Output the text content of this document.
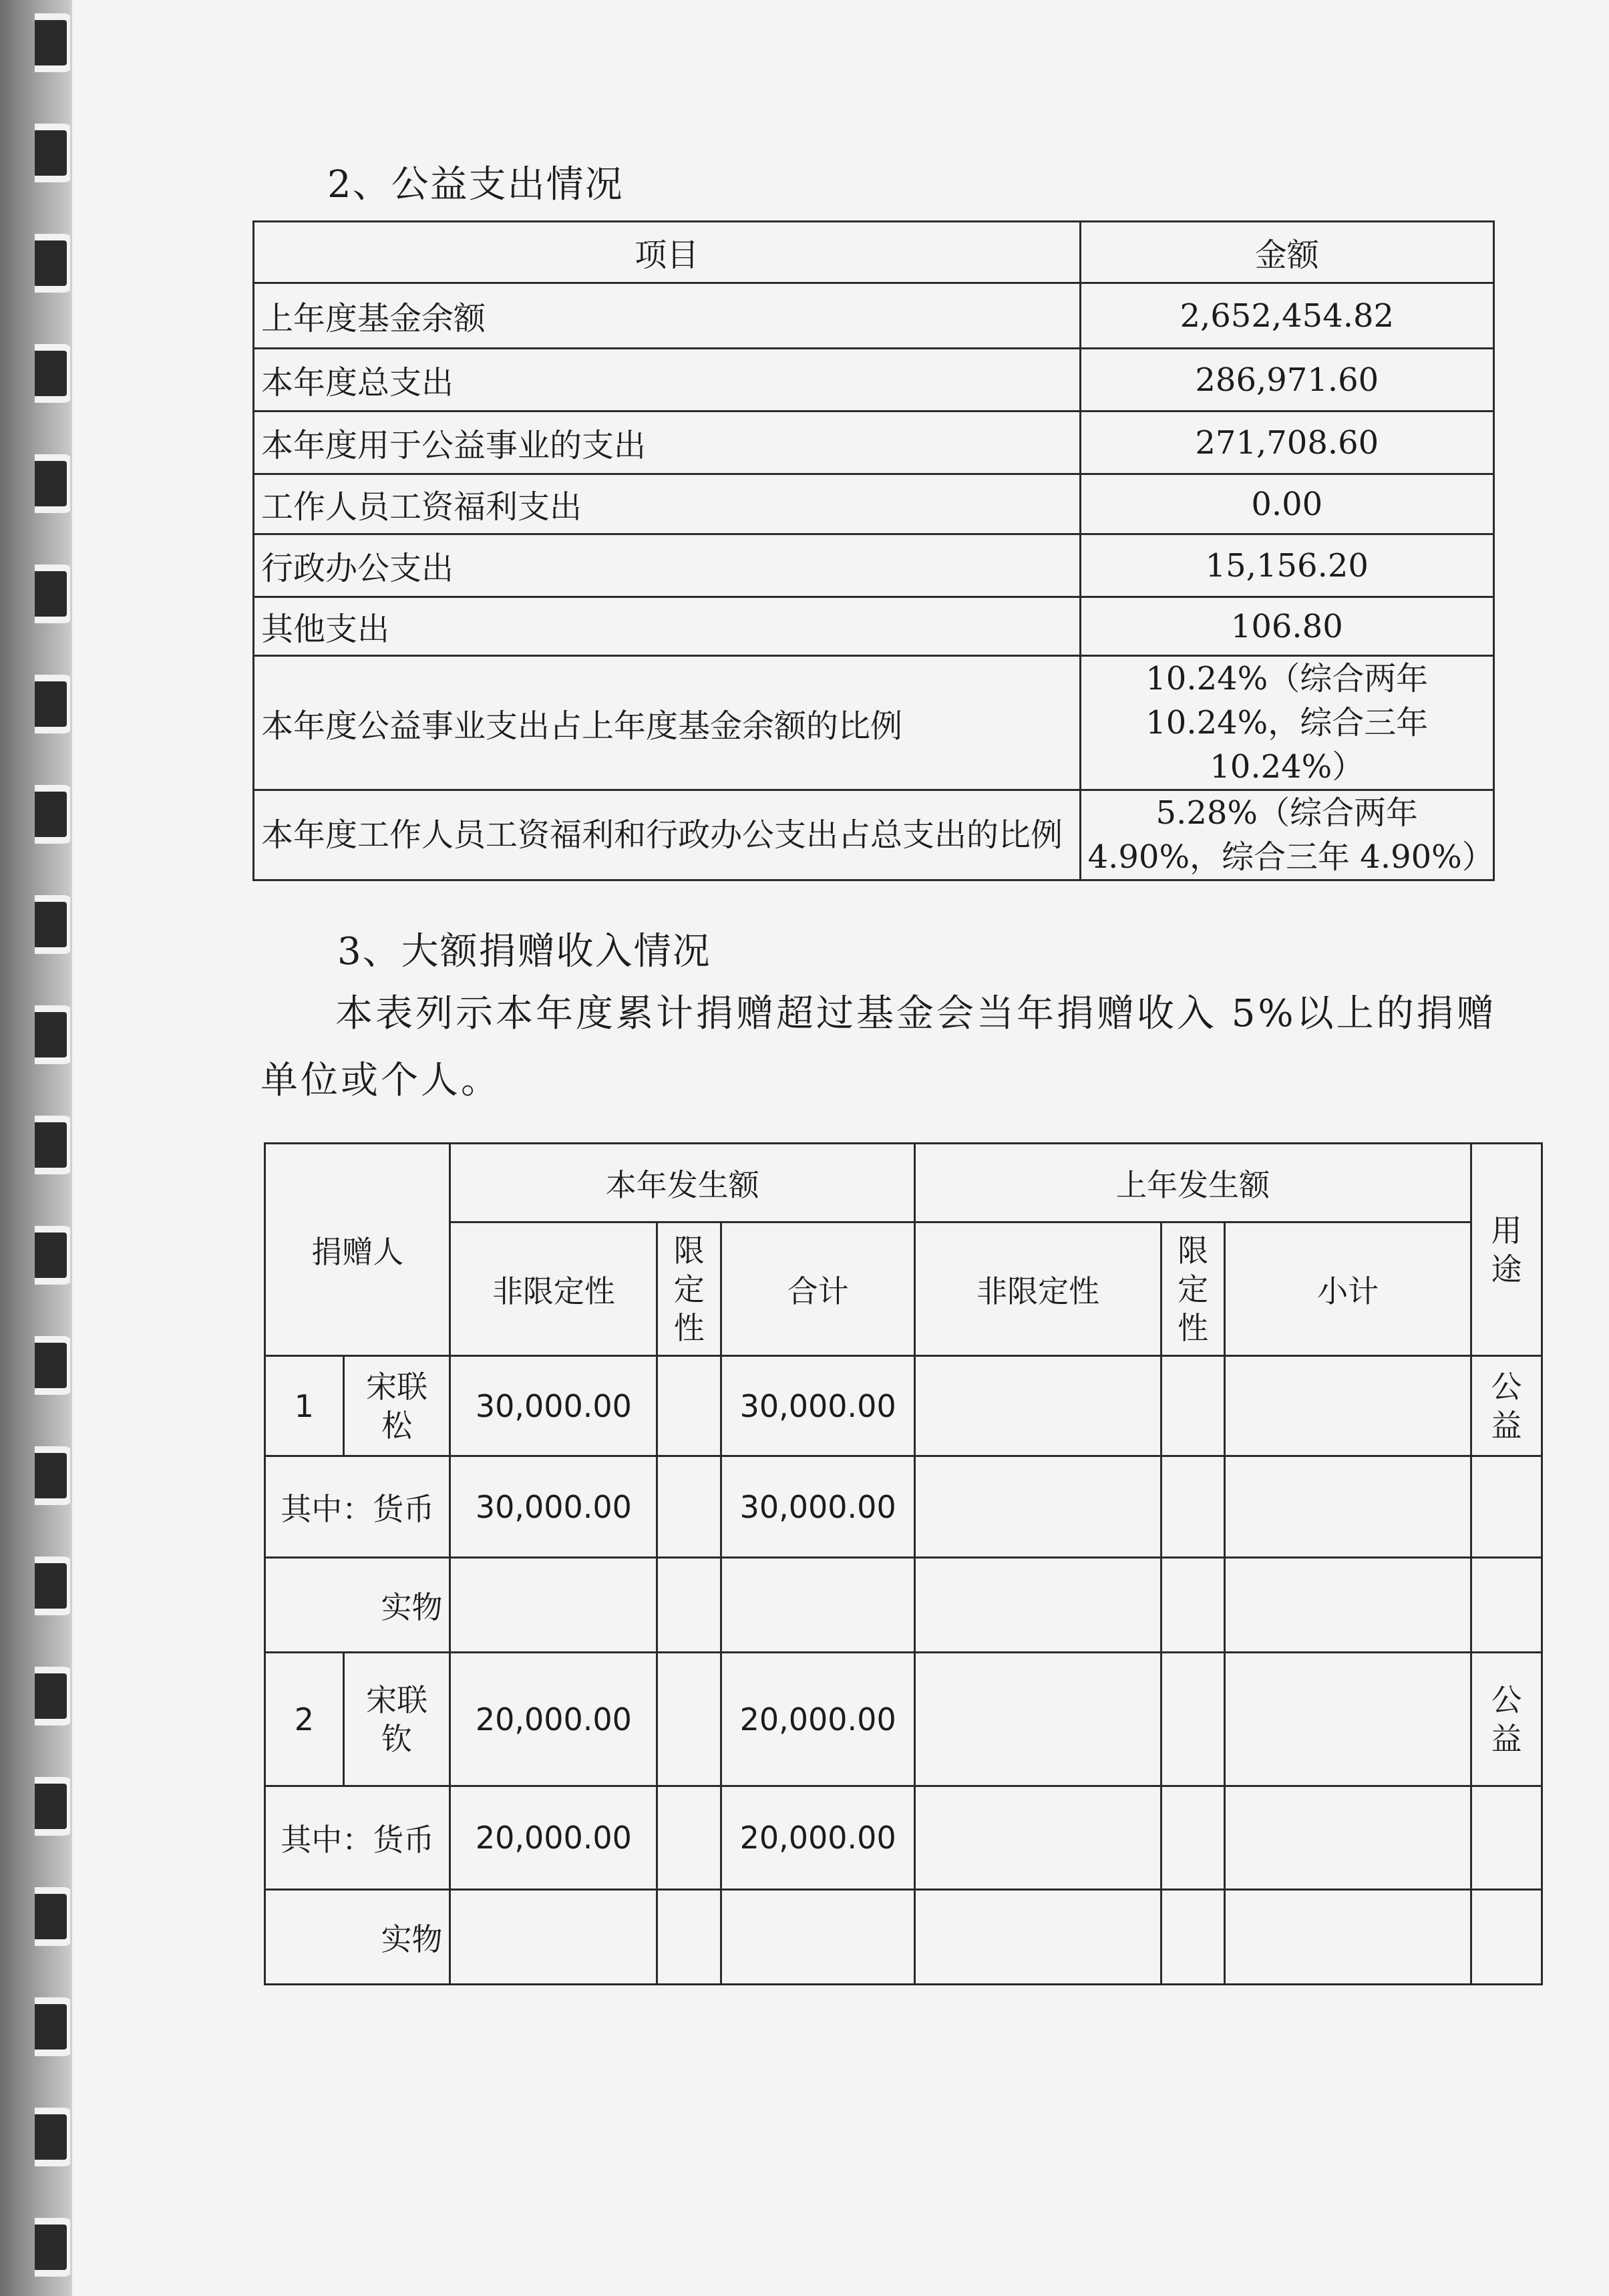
2、公益支出情况
项目	金额
上年度基金余额	2,652,454.82
本年度总支出	286,971.60
本年度用于公益事业的支出	271,708.60
工作人员工资福利支出	0.00
行政办公支出	15,156.20
其他支出	106.80
本年度公益事业支出占上年度基金余额的比例	10.24%（综合两年 10.24%，综合三年 10.24%）
本年度工作人员工资福利和行政办公支出占总支出的比例	5.28%（综合两年 4.90%，综合三年 4.90%）
3、大额捐赠收入情况
本表列示本年度累计捐赠超过基金会当年捐赠收入 5%以上的捐赠单位或个人。
捐赠人		本年发生额			上年发生额			用途
		非限定性	限定性	合计	非限定性	限定性	小计	
1	宋联松	30,000.00		30,000.00				公益
其中：货币		30,000.00		30,000.00				
实物								
2	宋联钦	20,000.00		20,000.00				公益
其中：货币		20,000.00		20,000.00				
实物								
